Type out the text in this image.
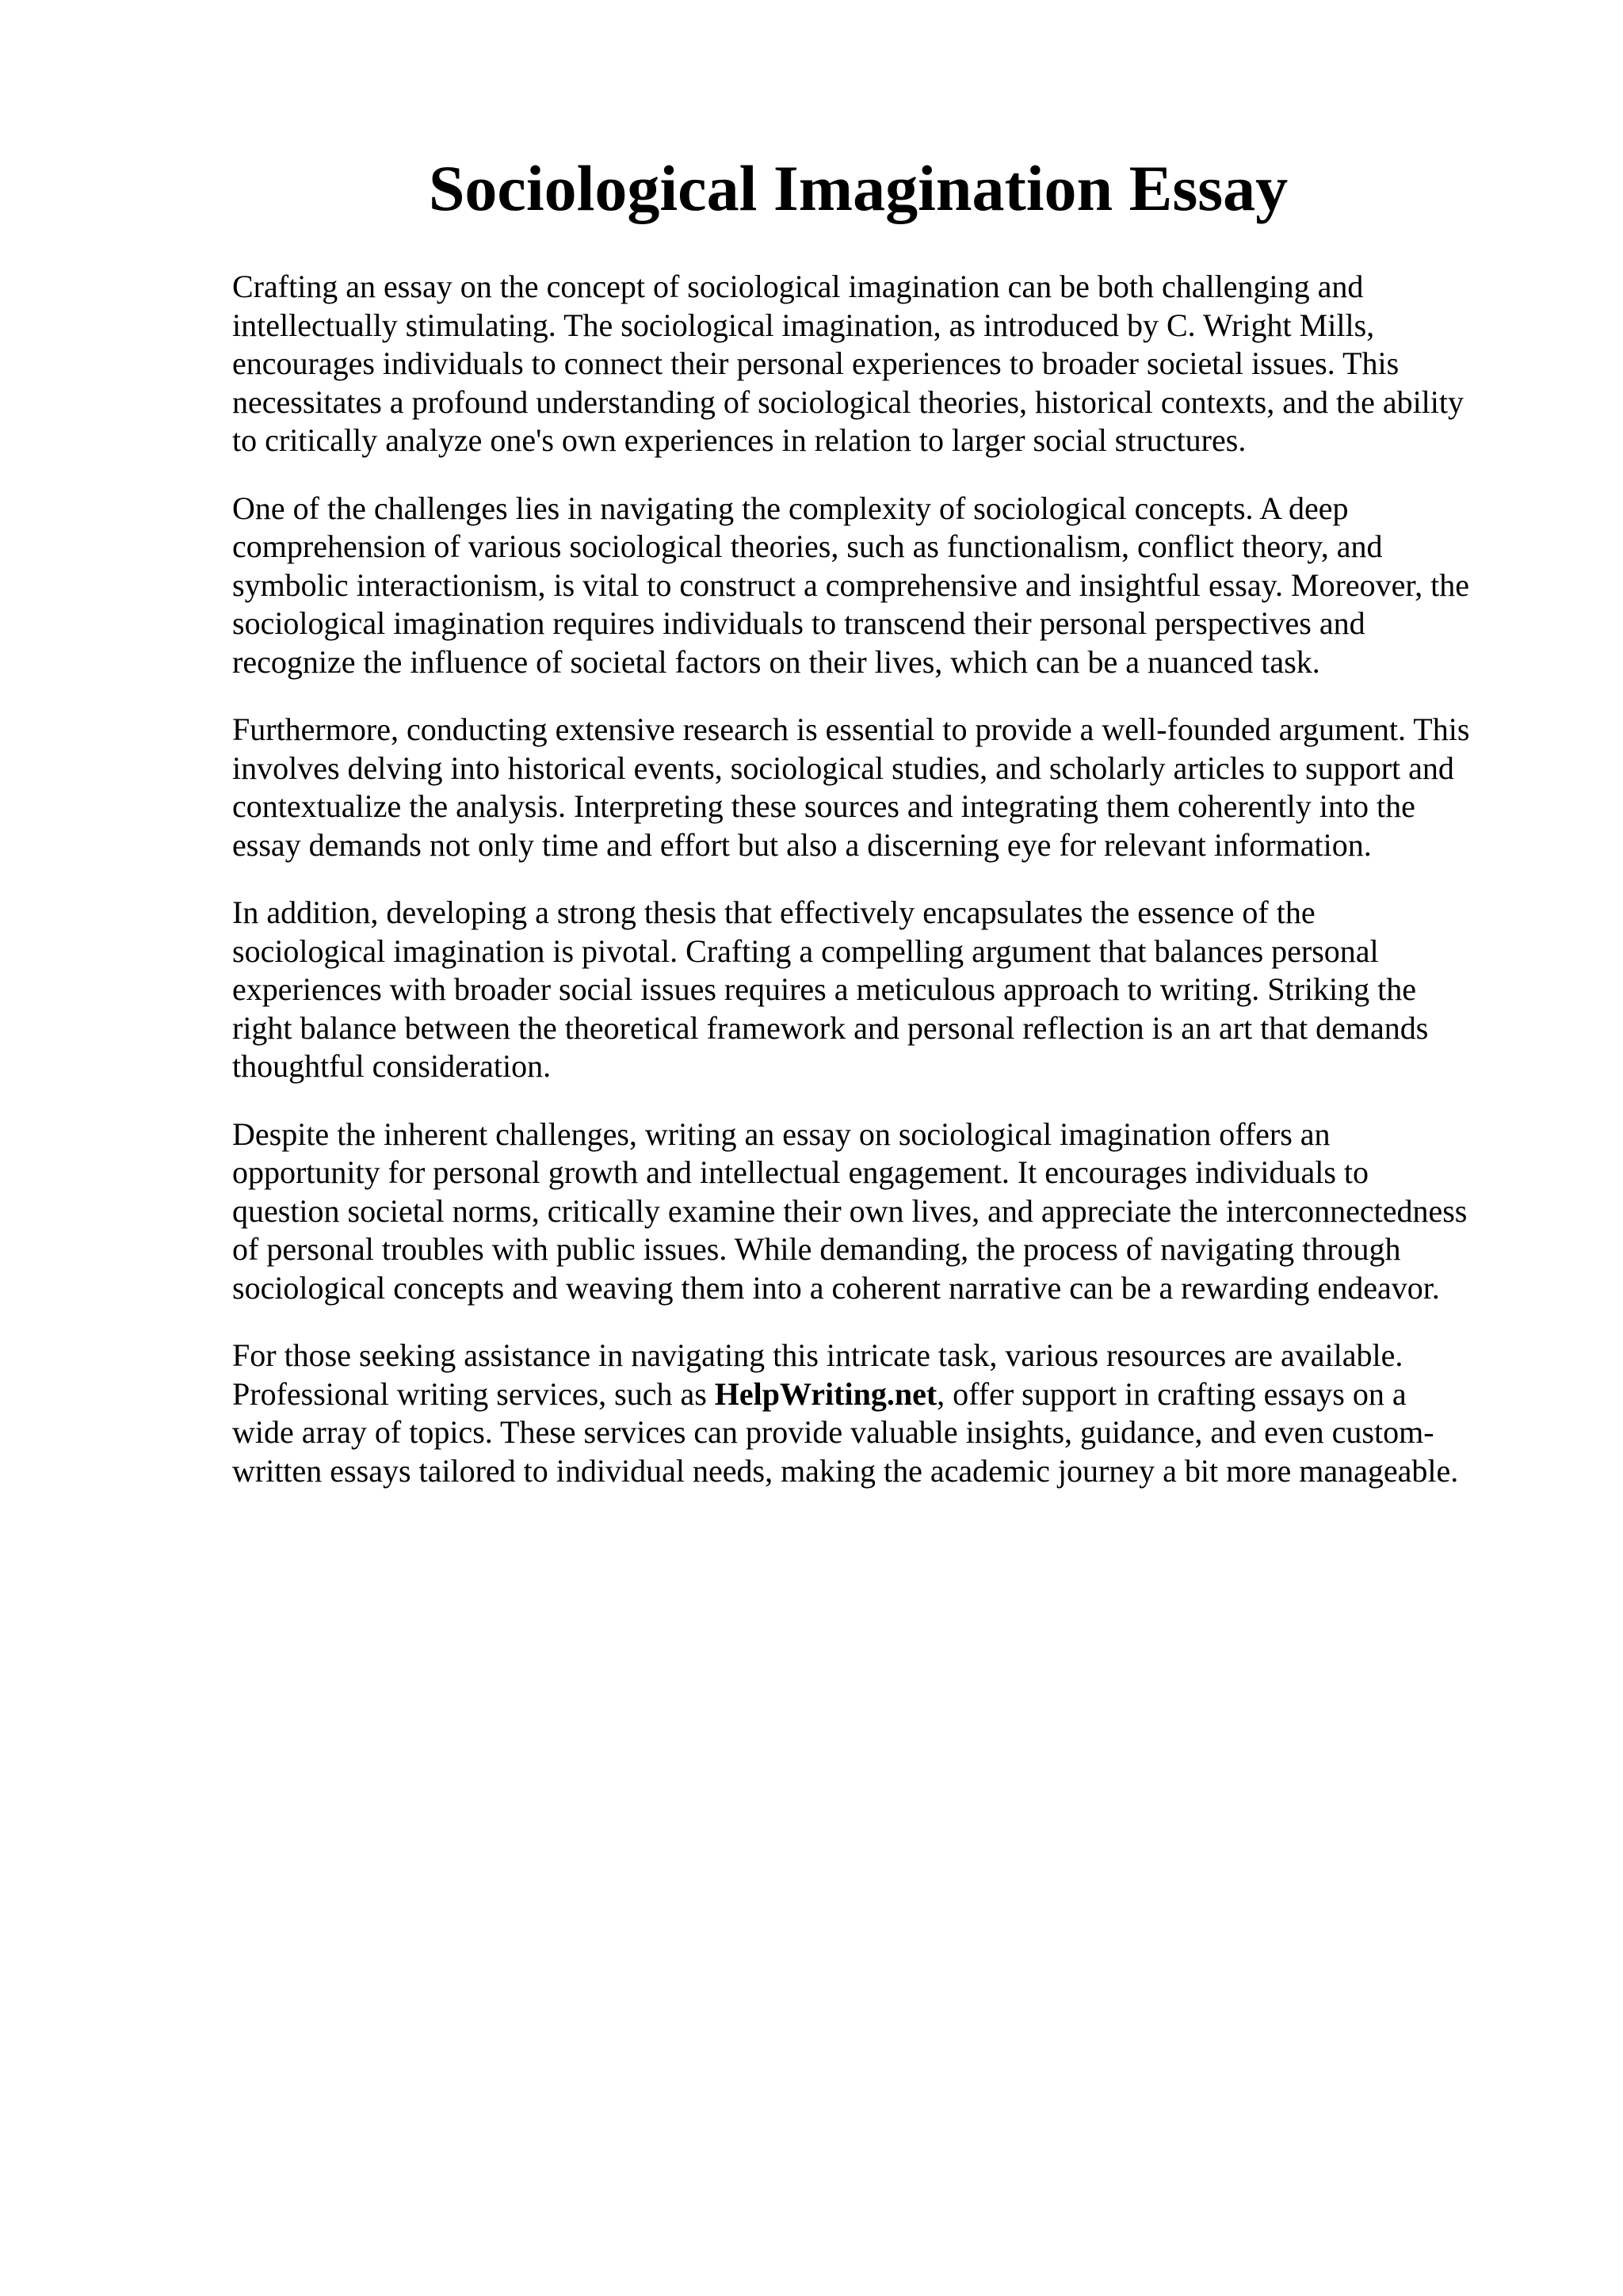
Sociological Imagination Essay

Crafting an essay on the concept of sociological imagination can be both challenging and
intellectually stimulating. The sociological imagination, as introduced by C. Wright Mills,
encourages individuals to connect their personal experiences to broader societal issues. This
necessitates a profound understanding of sociological theories, historical contexts, and the ability
to critically analyze one's own experiences in relation to larger social structures.

One of the challenges lies in navigating the complexity of sociological concepts. A deep
comprehension of various sociological theories, such as functionalism, conflict theory, and
symbolic interactionism, is vital to construct a comprehensive and insightful essay. Moreover, the
sociological imagination requires individuals to transcend their personal perspectives and
recognize the influence of societal factors on their lives, which can be a nuanced task.

Furthermore, conducting extensive research is essential to provide a well-founded argument. This
involves delving into historical events, sociological studies, and scholarly articles to support and
contextualize the analysis. Interpreting these sources and integrating them coherently into the
essay demands not only time and effort but also a discerning eye for relevant information.

In addition, developing a strong thesis that effectively encapsulates the essence of the
sociological imagination is pivotal. Crafting a compelling argument that balances personal
experiences with broader social issues requires a meticulous approach to writing. Striking the
right balance between the theoretical framework and personal reflection is an art that demands
thoughtful consideration.

Despite the inherent challenges, writing an essay on sociological imagination offers an
opportunity for personal growth and intellectual engagement. It encourages individuals to
question societal norms, critically examine their own lives, and appreciate the interconnectedness
of personal troubles with public issues. While demanding, the process of navigating through
sociological concepts and weaving them into a coherent narrative can be a rewarding endeavor.

For those seeking assistance in navigating this intricate task, various resources are available.
Professional writing services, such as HelpWriting.net, offer support in crafting essays on a
wide array of topics. These services can provide valuable insights, guidance, and even custom-
written essays tailored to individual needs, making the academic journey a bit more manageable.
